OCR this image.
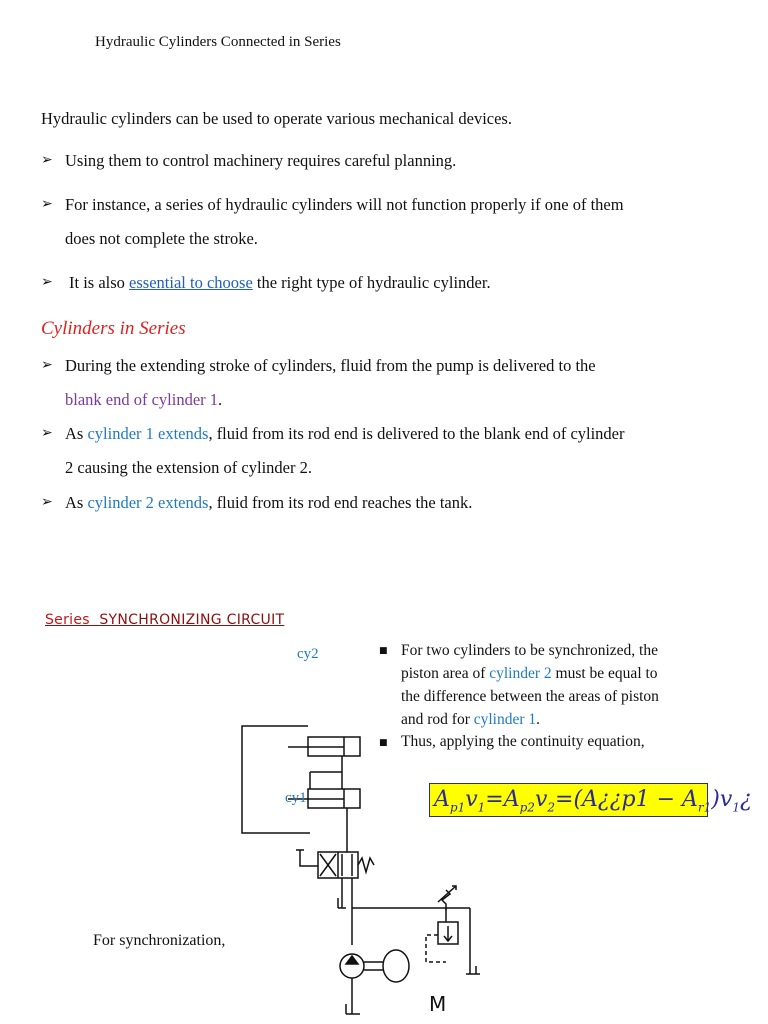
Hydraulic Cylinders Connected in Series
Hydraulic cylinders can be used to operate various mechanical devices.
➢ Using them to control machinery requires careful planning.
➢ For instance, a series of hydraulic cylinders will not function properly if one of them
does not complete the stroke.
➢ It is also essential to choose the right type of hydraulic cylinder.
Cylinders in Series
➢ During the extending stroke of cylinders, fluid from the pump is delivered to the
blank end of cylinder 1.
➢ As cylinder 1 extends, fluid from its rod end is delivered to the blank end of cylinder
2 causing the extension of cylinder 2.
➢ As cylinder 2 extends, fluid from its rod end reaches the tank.
Series SYNCHRONIZING CIRCUIT
■ For two cylinders to be synchronized, the
piston area of cylinder 2 must be equal to
the difference between the areas of piston
and rod for cylinder 1.
■ Thus, applying the continuity equation,
$A_{p1}v_1=A_{p2}v_2=(A¿¿p1$ − $A_{r1})v_1¿$
For synchronization,
cy2
cy1
M
